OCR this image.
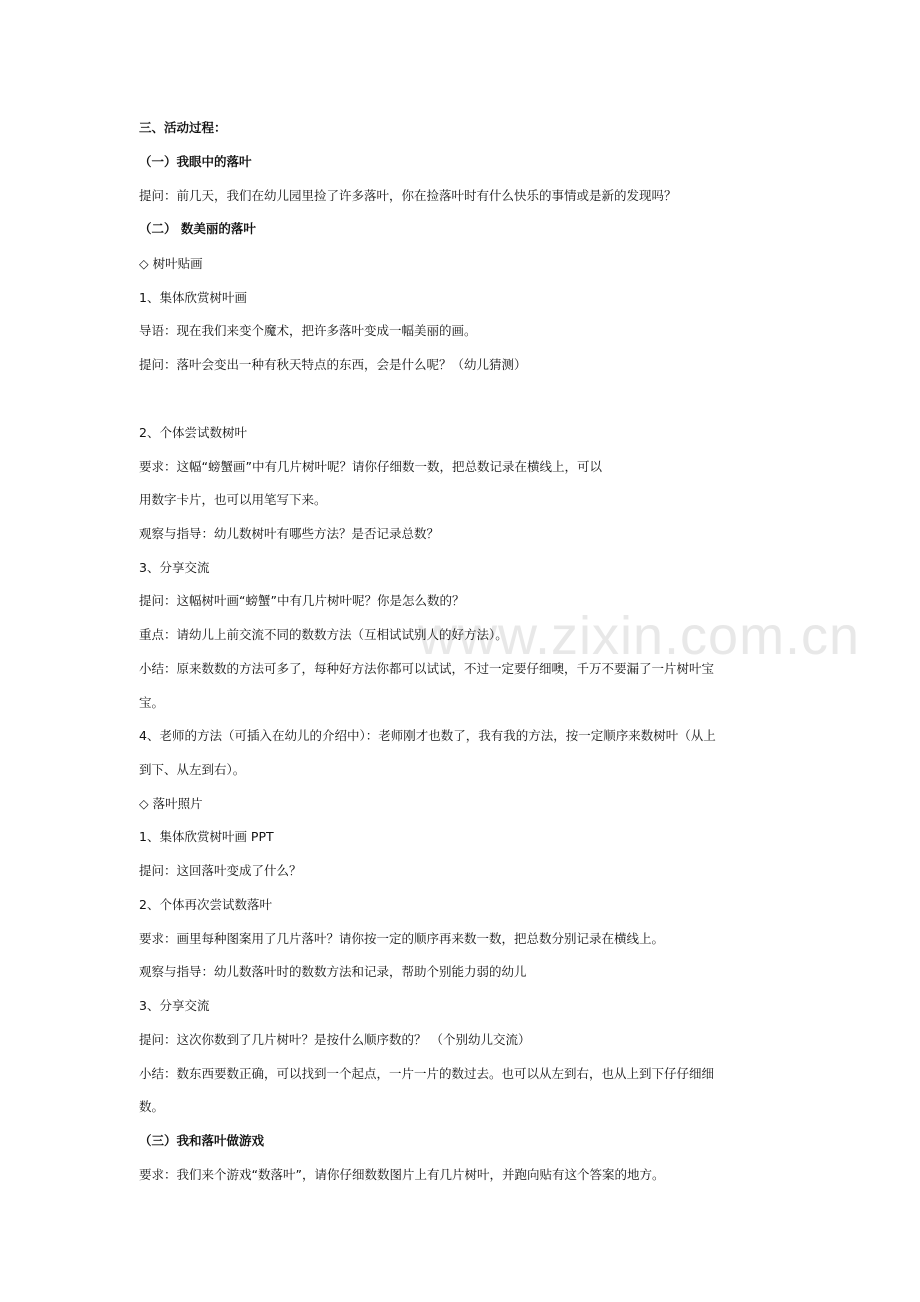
www.zixin.com.cn
三、活动过程：
（一）我眼中的落叶
提问：前几天，我们在幼儿园里捡了许多落叶，你在捡落叶时有什么快乐的事情或是新的发现吗？
（二） 数美丽的落叶
◇ 树叶贴画
1、集体欣赏树叶画
导语：现在我们来变个魔术，把许多落叶变成一幅美丽的画。
提问：落叶会变出一种有秋天特点的东西，会是什么呢？（幼儿猜测）
2、个体尝试数树叶
要求：这幅“螃蟹画”中有几片树叶呢？请你仔细数一数，把总数记录在横线上，可以
用数字卡片，也可以用笔写下来。
观察与指导：幼儿数树叶有哪些方法？是否记录总数？
3、分享交流
提问：这幅树叶画“螃蟹”中有几片树叶呢？你是怎么数的？
重点：请幼儿上前交流不同的数数方法（互相试试别人的好方法）。
小结：原来数数的方法可多了，每种好方法你都可以试试，不过一定要仔细噢，千万不要漏了一片树叶宝
宝。
4、老师的方法（可插入在幼儿的介绍中）：老师刚才也数了，我有我的方法，按一定顺序来数树叶（从上
到下、从左到右）。
◇ 落叶照片
1、集体欣赏树叶画 PPT
提问：这回落叶变成了什么？
2、个体再次尝试数落叶
要求：画里每种图案用了几片落叶？请你按一定的顺序再来数一数，把总数分别记录在横线上。
观察与指导：幼儿数落叶时的数数方法和记录，帮助个别能力弱的幼儿
3、分享交流
提问：这次你数到了几片树叶？是按什么顺序数的？ （个别幼儿交流）
小结：数东西要数正确，可以找到一个起点，一片一片的数过去。也可以从左到右，也从上到下仔仔细细
数。
（三）我和落叶做游戏
要求：我们来个游戏“数落叶”，请你仔细数数图片上有几片树叶，并跑向贴有这个答案的地方。
